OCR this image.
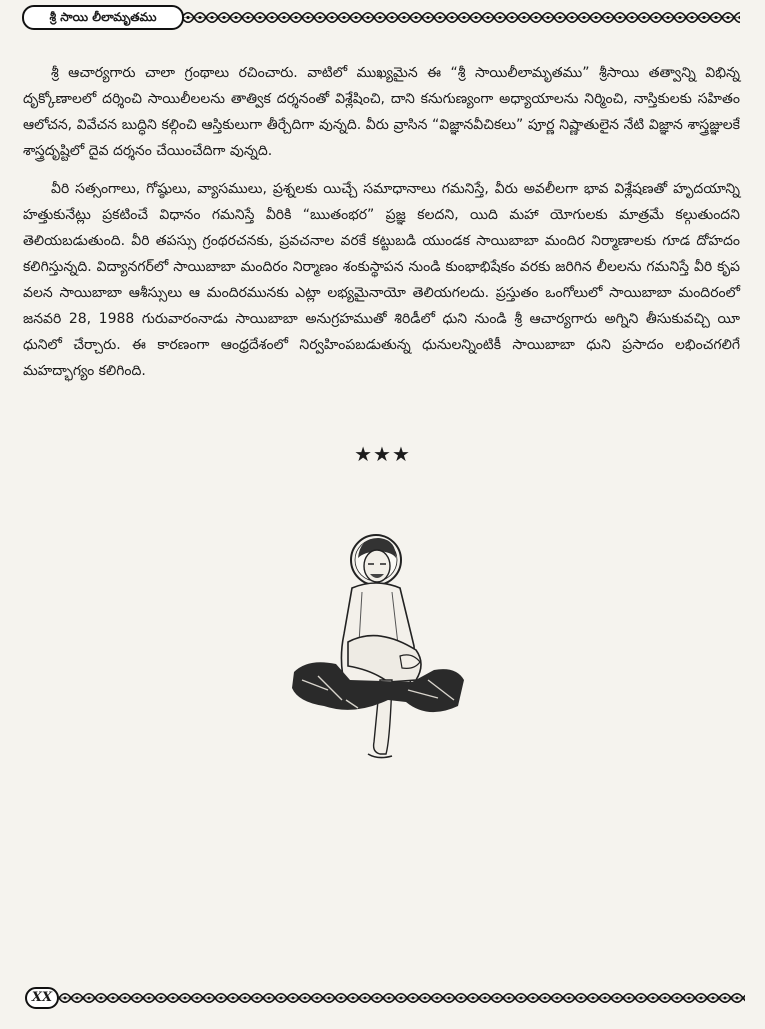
శ్రీ సాయి లీలామృతము

శ్రీ ఆచార్యగారు చాలా గ్రంథాలు రచించారు. వాటిలో ముఖ్యమైన ఈ “శ్రీ సాయిలీలామృతము” శ్రీసాయి తత్వాన్ని విభిన్న దృక్కోణాలలో దర్శించి సాయిలీలలను తాత్విక దర్శనంతో విశ్లేషించి, దాని కనుగుణ్యంగా అధ్యాయాలను నిర్మించి, నాస్తికులకు సహితం ఆలోచన, వివేచన బుద్ధిని కల్గించి ఆస్తికులుగా తీర్చేదిగా వున్నది. వీరు వ్రాసిన “విజ్ఞానవీచికలు” పూర్ణ నిష్ణాతులైన నేటి విజ్ఞాన శాస్త్రజ్ఞులకే శాస్త్రదృష్టిలో దైవ దర్శనం చేయించేదిగా వున్నది.

వీరి సత్సంగాలు, గోష్ఠులు, వ్యాసములు, ప్రశ్నలకు యిచ్చే సమాధానాలు గమనిస్తే, వీరు అవలీలగా భావ విశ్లేషణతో హృదయాన్ని హత్తుకునేట్లు ప్రకటించే విధానం గమనిస్తే వీరికి “ఋతంభర” ప్రజ్ఞ కలదని, యిది మహా యోగులకు మాత్రమే కల్గుతుందని తెలియబడుతుంది. వీరి తపస్సు గ్రంథరచనకు, ప్రవచనాల వరకే కట్టుబడి యుండక సాయిబాబా మందిర నిర్మాణాలకు గూడ దోహదం కలిగిస్తున్నది. విద్యానగర్‌లో సాయిబాబా మందిరం నిర్మాణం శంకుస్థాపన నుండి కుంభాభిషేకం వరకు జరిగిన లీలలను గమనిస్తే వీరి కృప వలన సాయిబాబా ఆశీస్సులు ఆ మందిరమునకు ఎట్లా లభ్యమైనాయో తెలియగలదు. ప్రస్తుతం ఒంగోలులో సాయిబాబా మందిరంలో జనవరి 28, 1988 గురువారంనాడు సాయిబాబా అనుగ్రహముతో శిరిడీలో ధుని నుండి శ్రీ ఆచార్యగారు అగ్నిని తీసుకువచ్చి యీ ధునిలో చేర్చారు. ఈ కారణంగా ఆంధ్రదేశంలో నిర్వహింపబడుతున్న ధునులన్నింటికీ సాయిబాబా ధుని ప్రసాదం లభించగలిగే మహద్భాగ్యం కలిగింది.

★★★
XX
